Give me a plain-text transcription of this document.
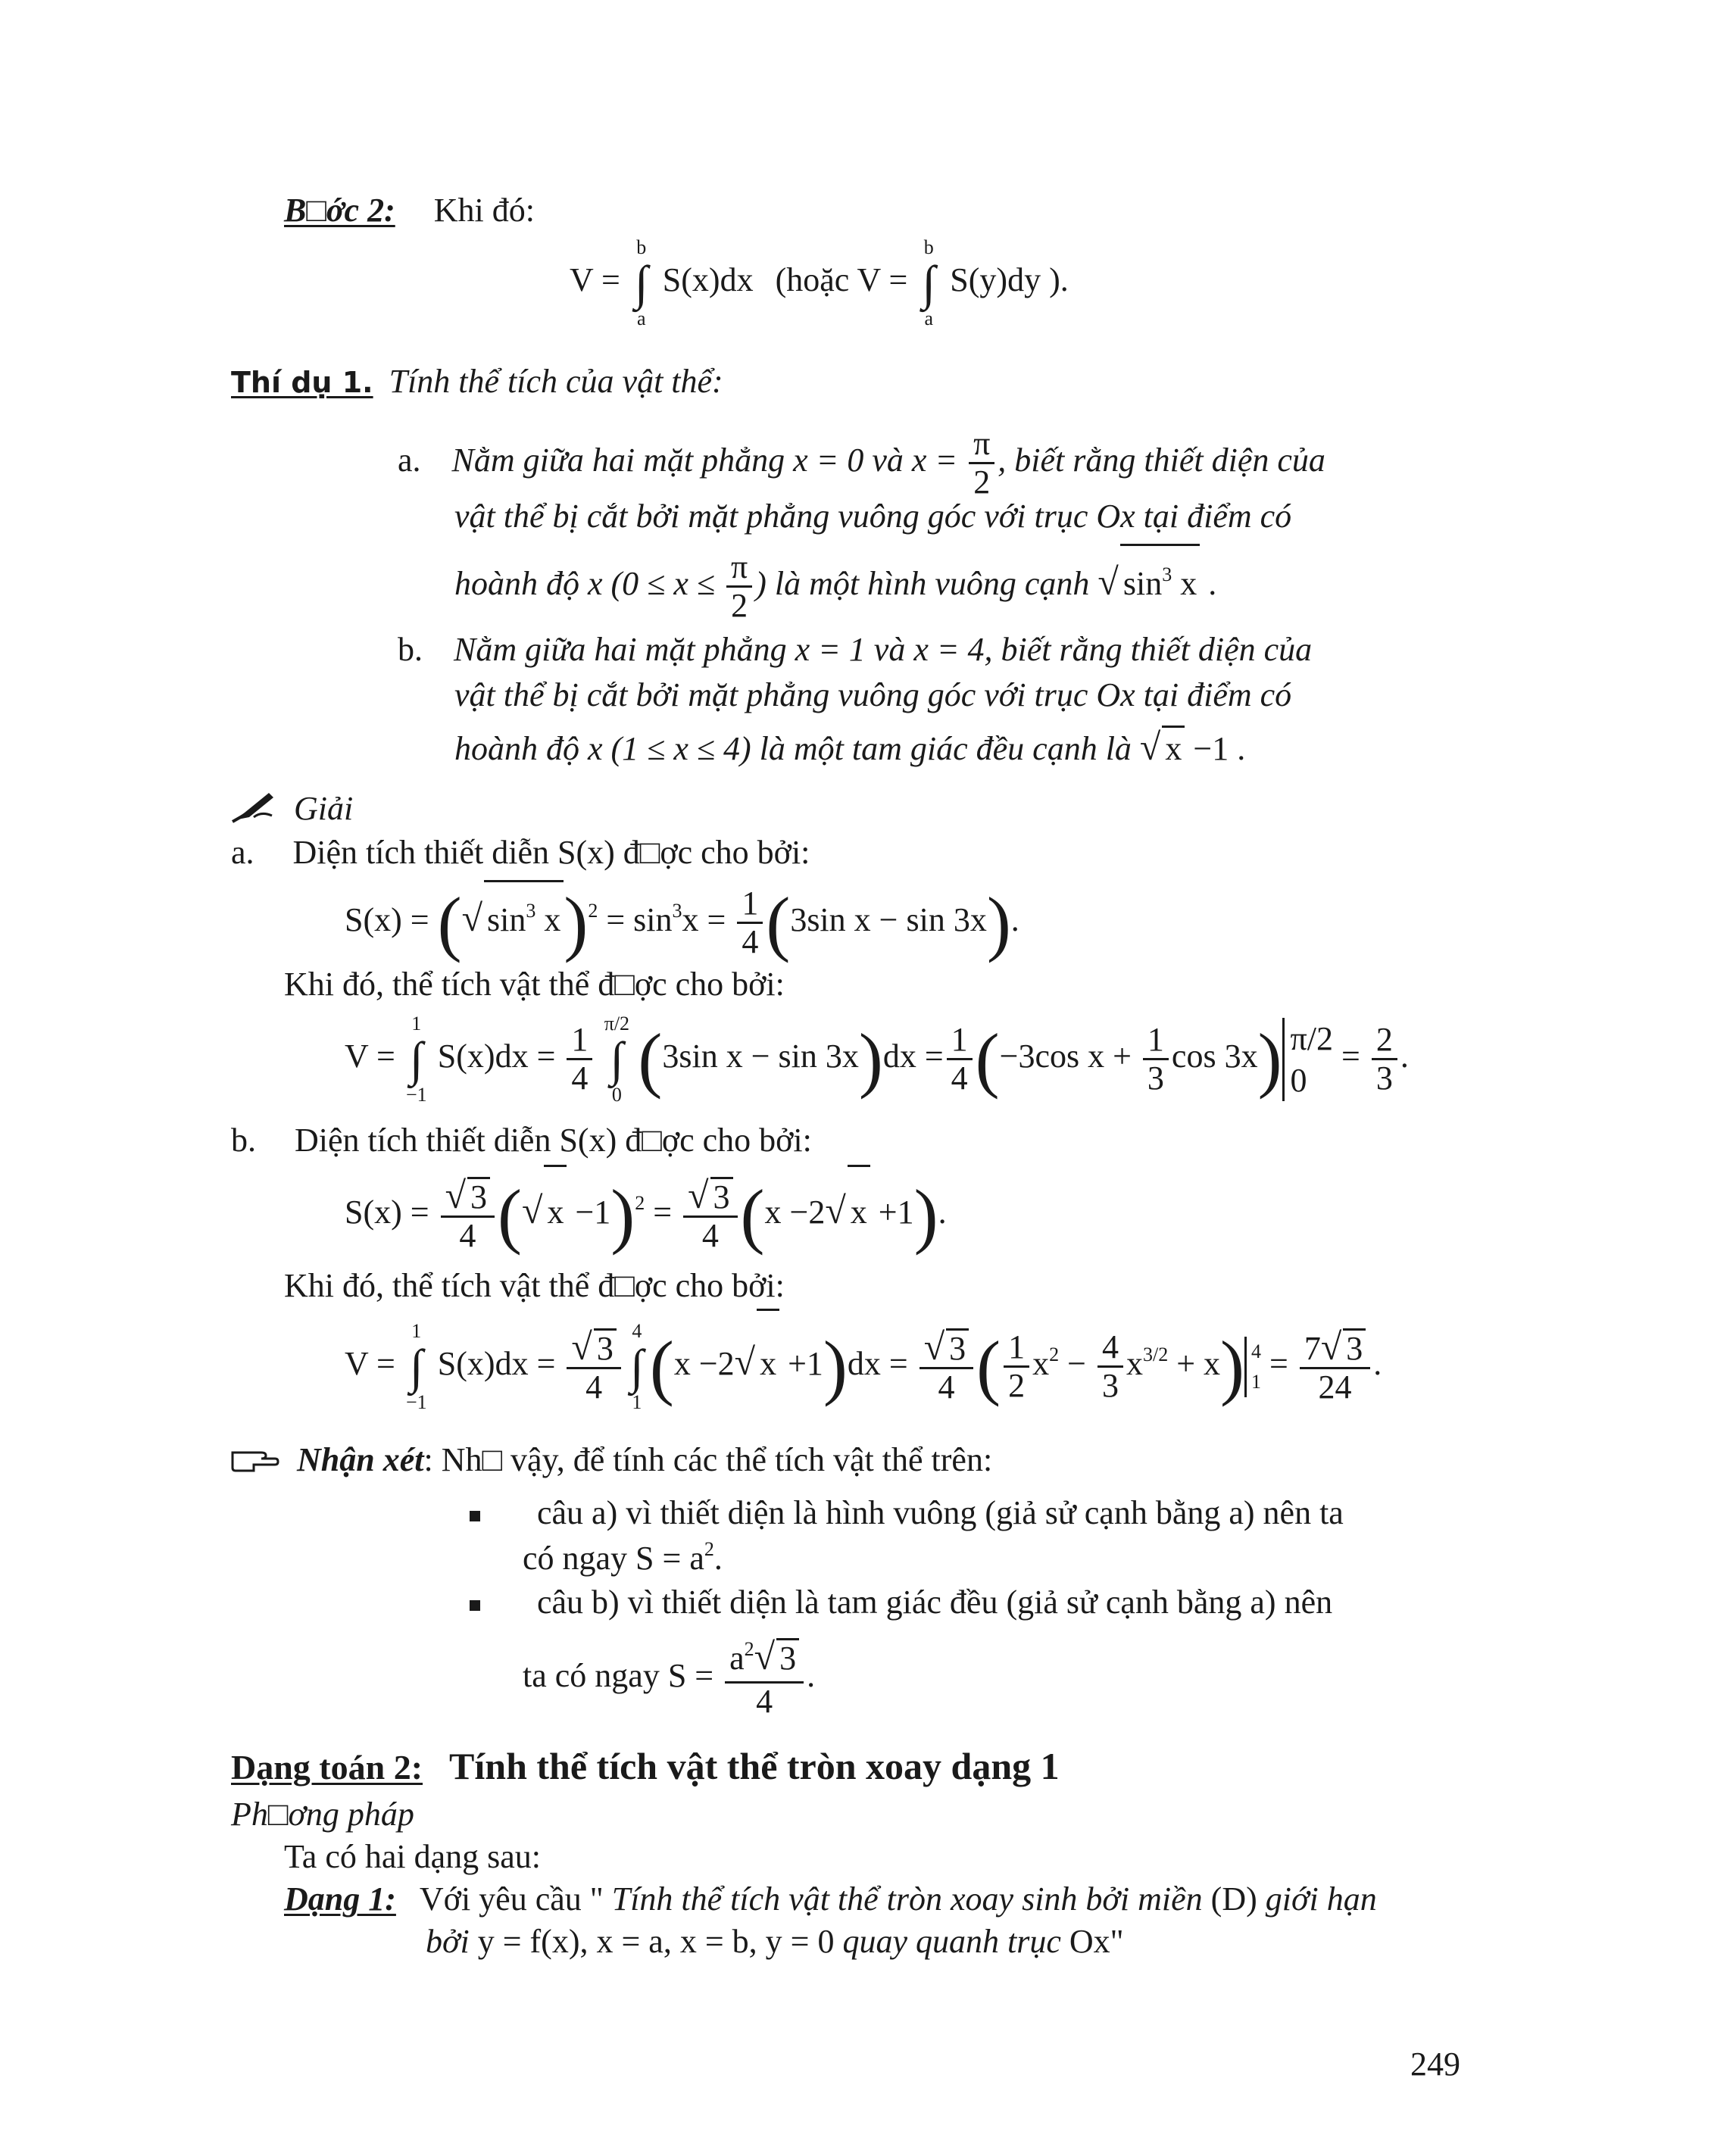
B□ớc 2: Khi đó:
V =
b
∫
a
S(x)dx (hoặc V =
b
∫
a
S(y)dy ).
Thí dụ 1. Tính thể tích của vật thể:
a. Nằm giữa hai mặt phẳng x = 0 và $x = \frac{\pi}{2}$ , biết rằng thiết diện của
vật thể bị cắt bởi mặt phẳng vuông góc với trục Ox tại điểm có
hoành độ x ($0 \le x \le \frac{\pi}{2}$ ) là một hình vuông cạnh √ $\sin^3 x$ .
b. Nằm giữa hai mặt phẳng x = 1 và x = 4, biết rằng thiết diện của
vật thể bị cắt bởi mặt phẳng vuông góc với trục Ox tại điểm có
hoành độ x (1 ≤ x ≤ 4) là một tam giác đều cạnh là √ x −1 .
Giải
a. Diện tích thiết diễn S(x) đ□ợc cho bởi:
S(x) = (√ $\sin^3 x)^2 = \sin^3x = \frac{1}{4} (3\sin$ x − sin 3x).
Khi đó, thể tích vật thể đ□ợc cho bởi:
V =
1
∫
−1
$S(x)dx = \frac{1}{4}$
π/2
∫
0 (3sin $x - \sin 3x)dx = \frac{1}{4} (-3\cos$ $x + \frac{1}{3}$ cos 3x) π/2
0
= $\frac{2}{3}$ .
b. Diện tích thiết diễn S(x) đ□ợc cho bởi:
$S(x) = \frac{√ 3}{4}$ (√ $x -1)^2 = \frac{√ 3}{4} (x -2√$ x +1).
Khi đó, thể tích vật thể đ□ợc cho bởi:
V =
1
∫
−1
$S(x)dx = \frac{√ 3}{4} 4$
∫
1 (x −2√ $x +1)dx = \frac{√ 3}{4}$ ( $\frac{1}{2} x^2 - \frac{4}{3} x^{3/2} + x$) 4
$1 = \frac{7√ 3}{24}$ .
Nhận xét: Nh□ vậy, để tính các thể tích vật thể trên:
câu a) vì thiết diện là hình vuông (giả sử cạnh bằng a) nên ta
có ngay $S = a^2$.
câu b) vì thiết diện là tam giác đều (giả sử cạnh bằng a) nên
ta có ngay $S = \frac{a^2√ 3}{4}$ .
Dạng toán 2: Tính thể tích vật thể tròn xoay dạng 1
Ph□ơng pháp
Ta có hai dạng sau:
Dạng 1: Với yêu cầu " Tính thể tích vật thể tròn xoay sinh bởi miền (D) giới hạn
bởi y = f(x), x = a, x = b, y = 0 quay quanh trục Ox"
249
